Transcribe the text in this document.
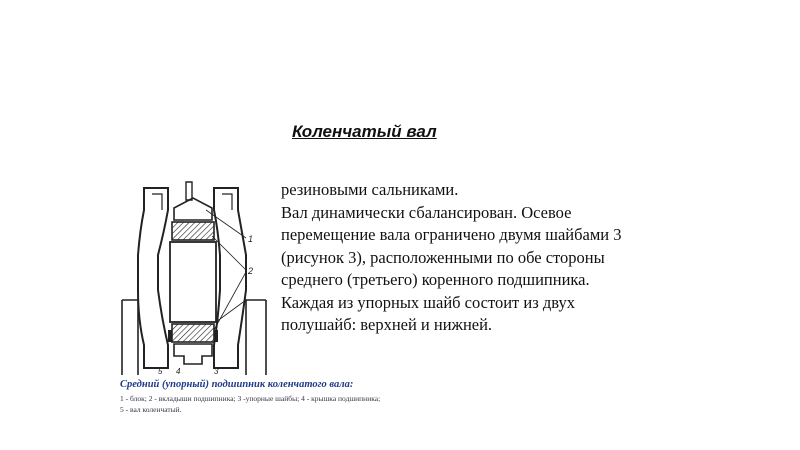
Коленчатый вал
1
2
3
4
5
резиновыми сальниками.
Вал динамически сбалансирован. Осевое
перемещение вала ограничено двумя шайбами 3
(рисунок 3), расположенными по обе стороны
среднего (третьего) коренного подшипника.
Каждая из упорных шайб состоит из двух
полушайб: верхней и нижней.
Средний (упорный) подшипник коленчатого вала:
1 - блок; 2 - вкладыши подшипника; 3 -упорные шайбы; 4 - крышка подшипника;
5 - вал коленчатый.
